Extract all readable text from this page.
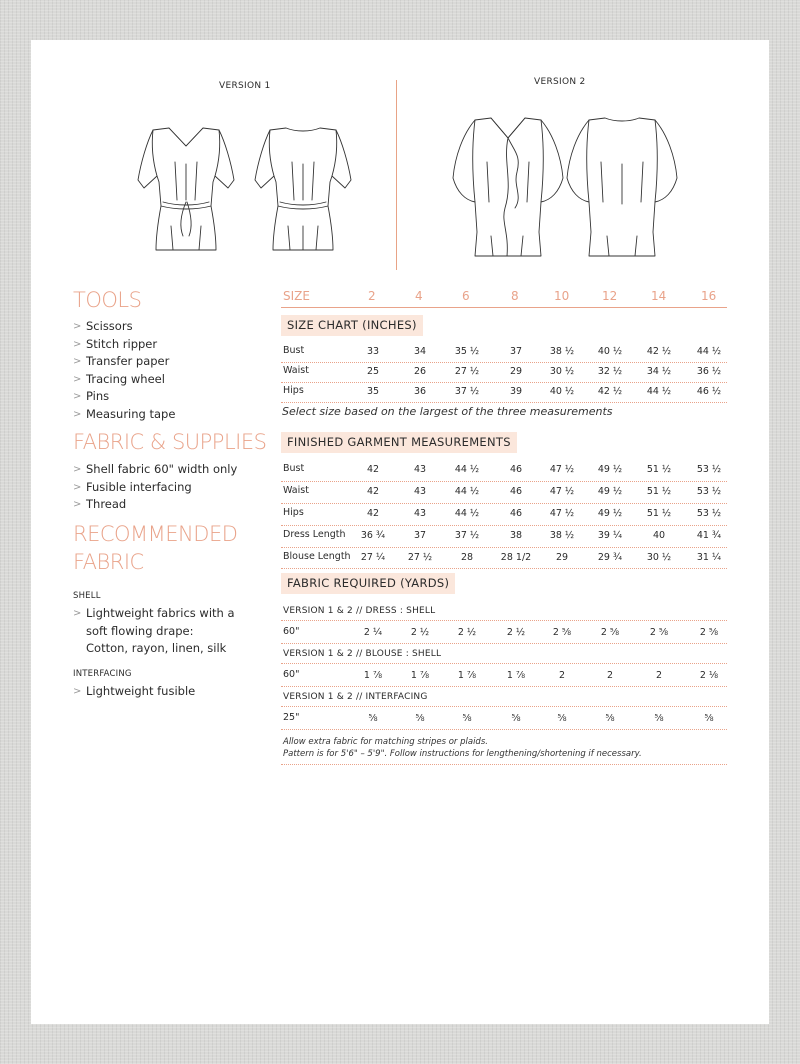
VERSION 1	VERSION 2
TOOLS
> Scissors
> Stitch ripper
> Transfer paper
> Tracing wheel
> Pins
> Measuring tape
FABRIC & SUPPLIES
> Shell fabric 60" width only
> Fusible interfacing
> Thread
RECOMMENDED
FABRIC
SHELL
> Lightweight fabrics with a
soft flowing drape:
Cotton, rayon, linen, silk
INTERFACING
> Lightweight fusible
SIZE	2	4	6	8	10	12	14	16
SIZE CHART (INCHES)
Bust	33	34	35 ½	37	38 ½	40 ½	42 ½	44 ½
Waist	25	26	27 ½	29	30 ½	32 ½	34 ½	36 ½
Hips	35	36	37 ½	39	40 ½	42 ½	44 ½	46 ½
Select size based on the largest of the three measurements
FINISHED GARMENT MEASUREMENTS
Bust	42	43	44 ½	46	47 ½	49 ½	51 ½	53 ½
Waist	42	43	44 ½	46	47 ½	49 ½	51 ½	53 ½
Hips	42	43	44 ½	46	47 ½	49 ½	51 ½	53 ½
Dress Length	36 ¾	37	37 ½	38	38 ½	39 ¼	40	41 ¾
Blouse Length	27 ¼	27 ½	28	28 1/2	29	29 ¾	30 ½	31 ¼
FABRIC REQUIRED (YARDS)
VERSION 1 & 2 // DRESS : SHELL
60"	2 ¼	2 ½	2 ½	2 ½	2 ⅝	2 ⅝	2 ⅝	2 ⅝
VERSION 1 & 2 // BLOUSE : SHELL
60"	1 ⅞	1 ⅞	1 ⅞	1 ⅞	2	2	2	2 ⅛
VERSION 1 & 2 // INTERFACING
25"	⅝	⅝	⅝	⅝	⅝	⅝	⅝	⅝
Allow extra fabric for matching stripes or plaids.
Pattern is for 5'6" – 5'9". Follow instructions for lengthening/shortening if necessary.
